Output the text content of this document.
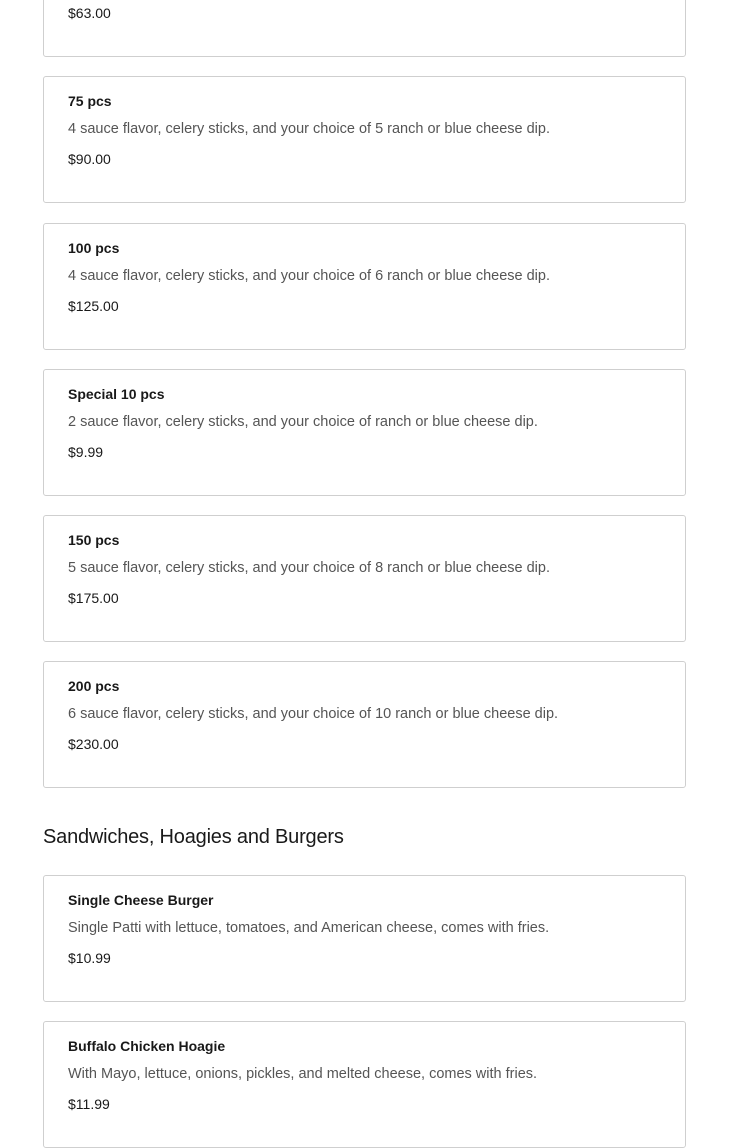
$63.00
75 pcs
4 sauce flavor, celery sticks, and your choice of 5 ranch or blue cheese dip.
$90.00
100 pcs
4 sauce flavor, celery sticks, and your choice of 6 ranch or blue cheese dip.
$125.00
Special 10 pcs
2 sauce flavor, celery sticks, and your choice of ranch or blue cheese dip.
$9.99
150 pcs
5 sauce flavor, celery sticks, and your choice of 8 ranch or blue cheese dip.
$175.00
200 pcs
6 sauce flavor, celery sticks, and your choice of 10 ranch or blue cheese dip.
$230.00
Sandwiches, Hoagies and Burgers
Single Cheese Burger
Single Patti with lettuce, tomatoes, and American cheese, comes with fries.
$10.99
Buffalo Chicken Hoagie
With Mayo, lettuce, onions, pickles, and melted cheese, comes with fries.
$11.99
